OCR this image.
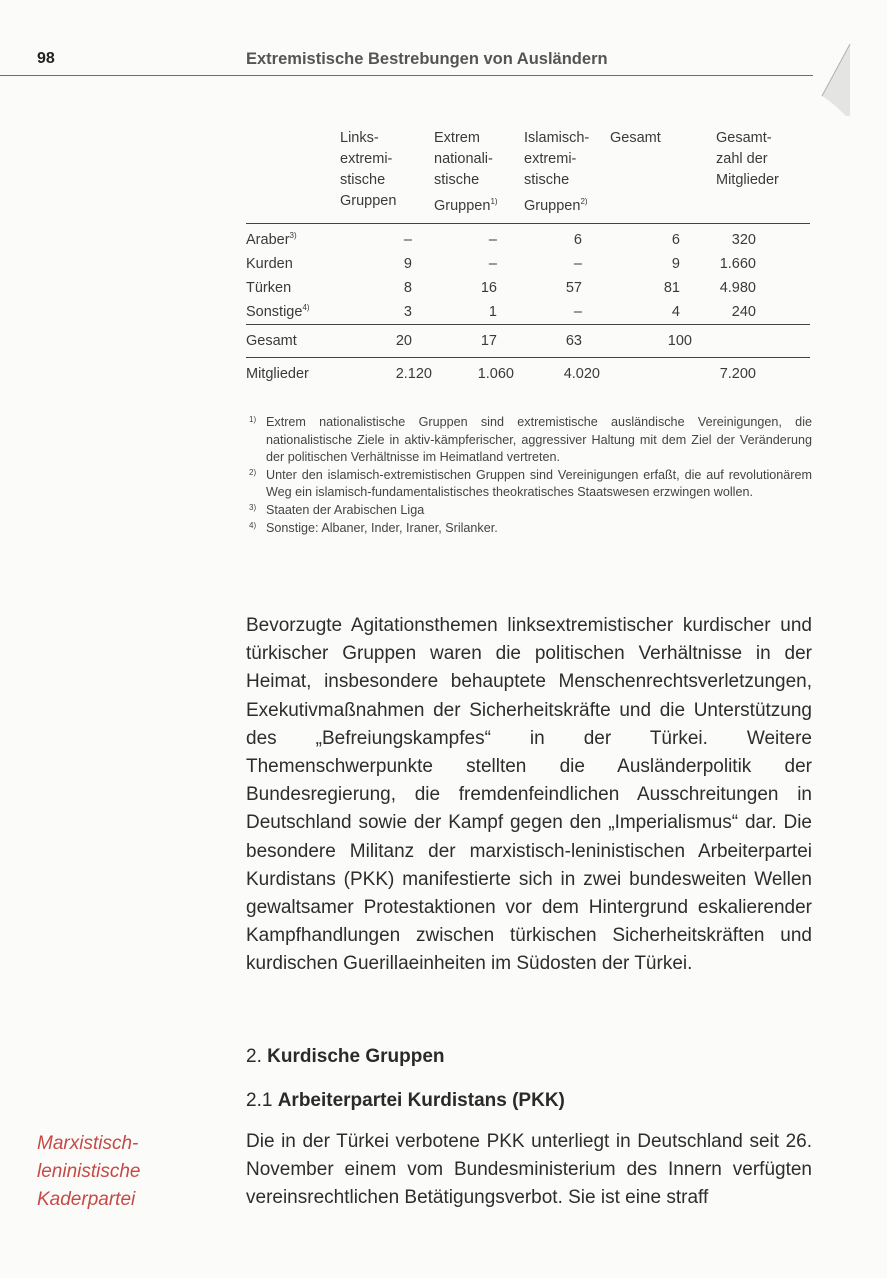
98	Extremistische Bestrebungen von Ausländern
	Links-
extremi-
stische
Gruppen	Extrem
nationali-
stische
Gruppen$^{1)}$	Islamisch-
extremi-
stische
Gruppen$^{2)}$	Gesamt	Gesamt-
zahl der
Mitglieder
Araber$^{3)}$	–	–	6	6	320
Kurden	9	–	–	9	1.660
Türken	8	16	57	81	4.980
Sonstige$^{4)}$	3	1	–	4	240
Gesamt	20	17	63	100	
Mitglieder	2.120	1.060	4.020		7.200
1) Extrem nationalistische Gruppen sind extremistische ausländische Vereinigungen, die nationalistische Ziele in aktiv-kämpferischer, aggressiver Haltung mit dem Ziel der Veränderung der politischen Verhältnisse im Heimatland vertreten.
2) Unter den islamisch-extremistischen Gruppen sind Vereinigungen erfaßt, die auf revolutionärem Weg ein islamisch-fundamentalistisches theokratisches Staatswesen erzwingen wollen.
3) Staaten der Arabischen Liga
4) Sonstige: Albaner, Inder, Iraner, Srilanker.

Bevorzugte Agitationsthemen linksextremistischer kurdischer und türkischer Gruppen waren die politischen Verhältnisse in der Heimat, insbesondere behauptete Menschenrechtsverletzungen, Exekutivmaßnahmen der Sicherheitskräfte und die Unterstützung des „Befreiungskampfes“ in der Türkei. Weitere Themenschwerpunkte stellten die Ausländerpolitik der Bundesregierung, die fremdenfeindlichen Ausschreitungen in Deutschland sowie der Kampf gegen den „Imperialismus“ dar. Die besondere Militanz der marxistisch-leninistischen Arbeiterpartei Kurdistans (PKK) manifestierte sich in zwei bundesweiten Wellen gewaltsamer Protestaktionen vor dem Hintergrund eskalierender Kampfhandlungen zwischen türkischen Sicherheitskräften und kurdischen Guerillaeinheiten im Südosten der Türkei.

2. Kurdische Gruppen
2.1 Arbeiterpartei Kurdistans (PKK)
Marxistisch-
leninistische
Kaderpartei

Die in der Türkei verbotene PKK unterliegt in Deutschland seit 26. November einem vom Bundesministerium des Innern verfügten vereinsrechtlichen Betätigungsverbot. Sie ist eine straff
